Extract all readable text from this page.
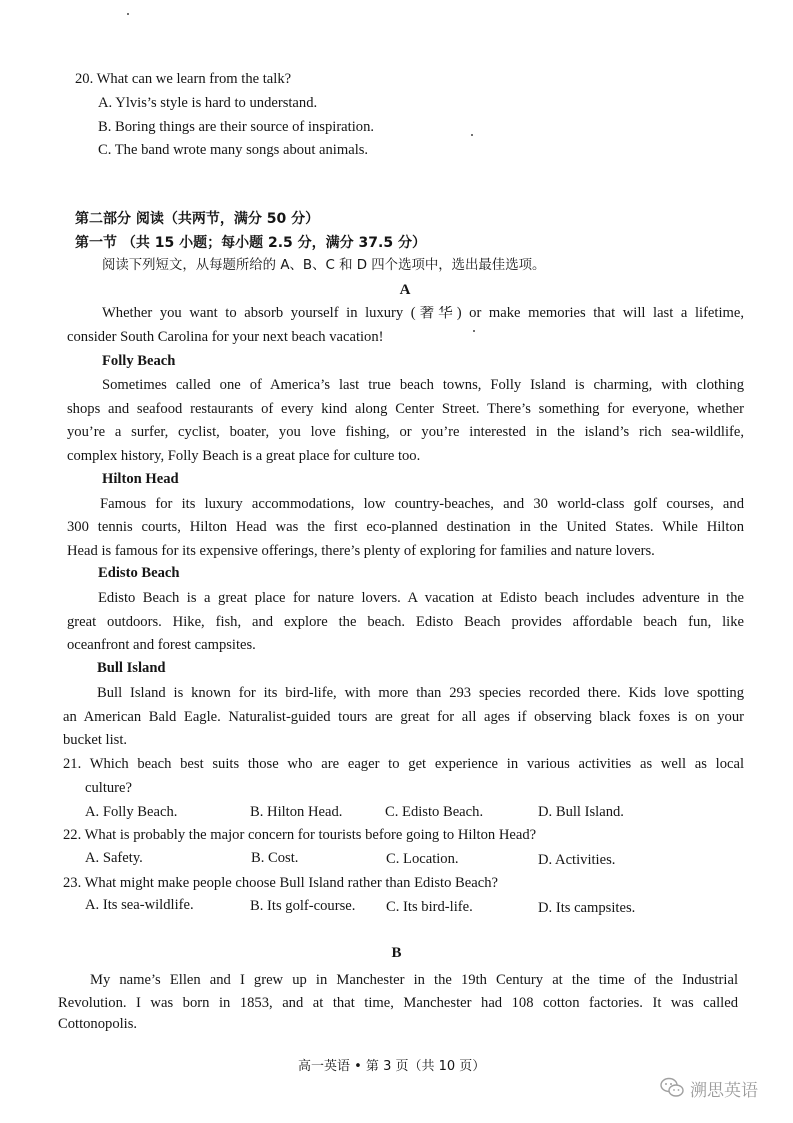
20. What can we learn from the talk?
A. Ylvis’s style is hard to understand.
B. Boring things are their source of inspiration.
C. The band wrote many songs about animals.
第二部分 阅读（共两节，满分 50 分）
第一节 （共 15 小题；每小题 2.5 分，满分 37.5 分）
阅读下列短文，从每题所给的 A、B、C 和 D 四个选项中，选出最佳选项。
A
Whether you want to absorb yourself in luxury (奢华) or make memories that will last a lifetime,
consider South Carolina for your next beach vacation!
Folly Beach
Sometimes called one of America’s last true beach towns, Folly Island is charming, with clothing
shops and seafood restaurants of every kind along Center Street. There’s something for everyone, whether
you’re a surfer, cyclist, boater, you love fishing, or you’re interested in the island’s rich sea-wildlife,
complex history, Folly Beach is a great place for culture too.
Hilton Head
Famous for its luxury accommodations, low country-beaches, and 30 world-class golf courses, and
300 tennis courts, Hilton Head was the first eco-planned destination in the United States. While Hilton
Head is famous for its expensive offerings, there’s plenty of exploring for families and nature lovers.
Edisto Beach
Edisto Beach is a great place for nature lovers. A vacation at Edisto beach includes adventure in the
great outdoors. Hike, fish, and explore the beach. Edisto Beach provides affordable beach fun, like
oceanfront and forest campsites.
Bull Island
Bull Island is known for its bird-life, with more than 293 species recorded there. Kids love spotting
an American Bald Eagle. Naturalist-guided tours are great for all ages if observing black foxes is on your
bucket list.
21. Which beach best suits those who are eager to get experience in various activities as well as local
culture?
A. Folly Beach.	B. Hilton Head.	C. Edisto Beach.	D. Bull Island.
22. What is probably the major concern for tourists before going to Hilton Head?
A. Safety.	B. Cost.	C. Location.	D. Activities.
23. What might make people choose Bull Island rather than Edisto Beach?
A. Its sea-wildlife.	B. Its golf-course. C. Its bird-life.	D. Its campsites.
B
My name’s Ellen and I grew up in Manchester in the 19th Century at the time of the Industrial
Revolution. I was born in 1853, and at that time, Manchester had 108 cotton factories. It was called
Cottonopolis.
高一英语 • 第 3 页（共 10 页）
溯思英语
